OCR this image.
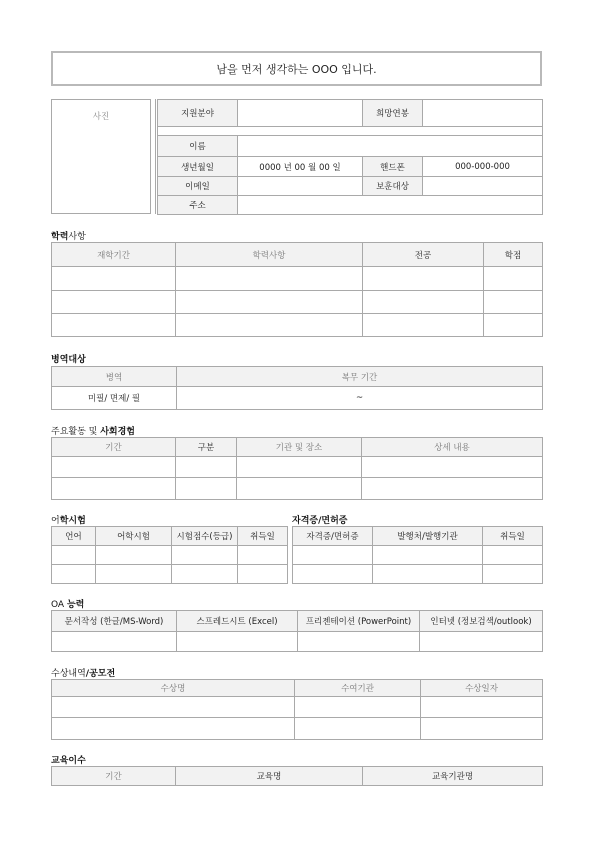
남을 먼저 생각하는 OOO 입니다.
사진	지원분야		희망연봉	

이름			
생년월일	0000 년 00 월 00 일	핸드폰	000-000-000
이메일		보훈대상	
주소			
학력사항
재학기간	학력사항	전공	학점

병역대상
병역	복무 기간
미필/ 면제/ 필	~
주요활동 및 사회경험
기간	구분	기관 및 장소	상세 내용

어학시험
언어	어학시험	시험점수(등급)	취득일

자격증/면허증
자격증/면허증	발행처/발행기관	취득일

OA 능력
문서작성 (한글/MS-Word)	스프레드시트 (Excel)	프리젠테이션 (PowerPoint)	인터넷 (정보검색/outlook)

수상내역/공모전
수상명	수여기관	수상일자

교육이수
기간	교육명	교육기관명
